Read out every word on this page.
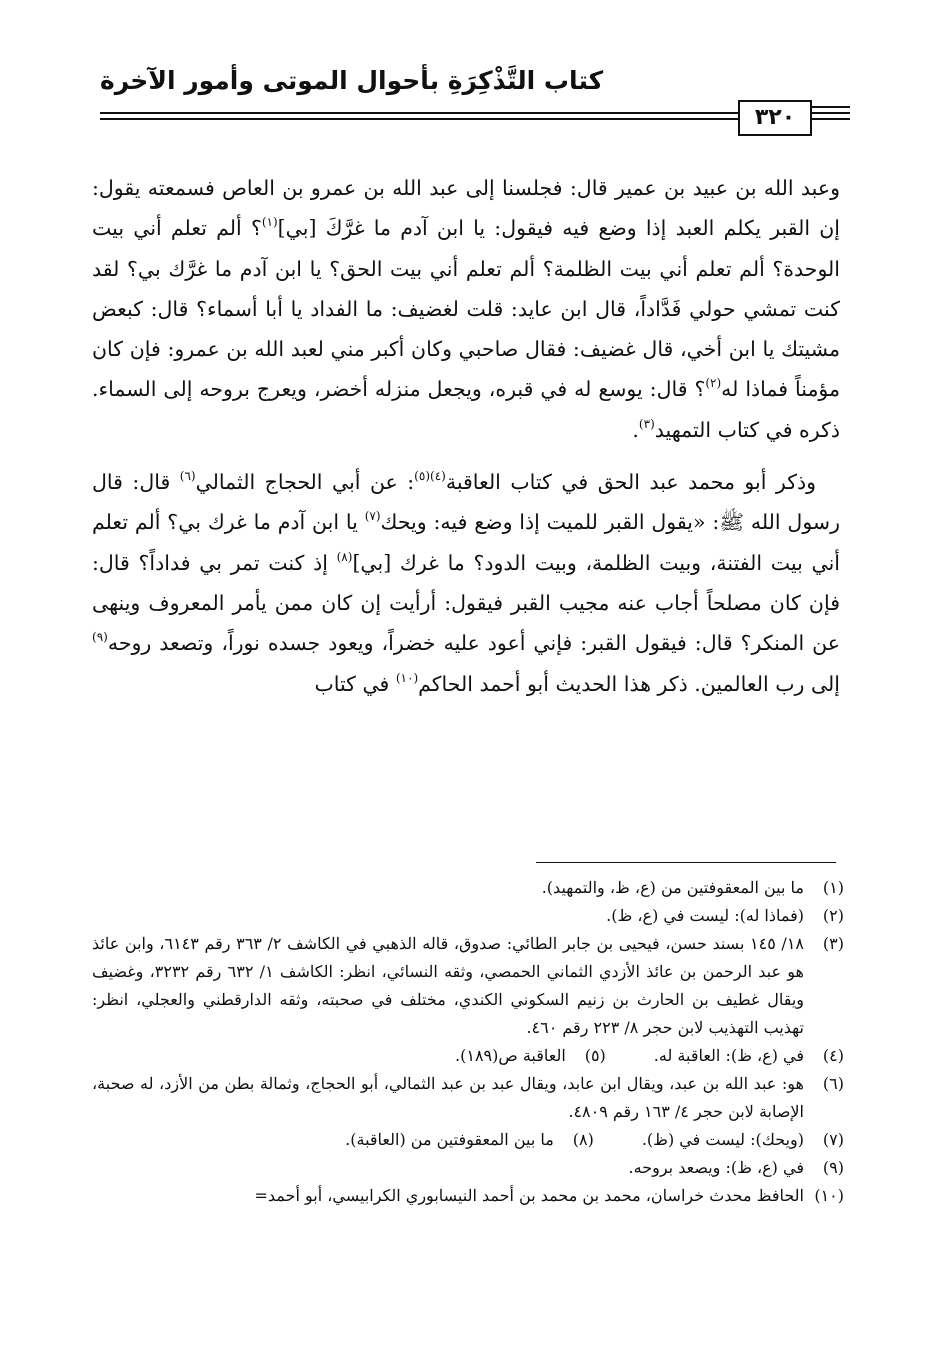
كتاب التَّذْكِرَةِ بأحوال الموتى وأمور الآخرة
٣٢٠

وعبد الله بن عبيد بن عمير قال: فجلسنا إلى عبد الله بن عمرو بن العاص فسمعته يقول: إن القبر يكلم العبد إذا وضع فيه فيقول: يا ابن آدم ما غرَّكَ [بي]$^{(١)}$؟ ألم تعلم أني بيت الوحدة؟ ألم تعلم أني بيت الظلمة؟ ألم تعلم أني بيت الحق؟ يا ابن آدم ما غرَّك بي؟ لقد كنت تمشي حولي فَدَّاداً، قال ابن عايد: قلت لغضيف: ما الفداد يا أبا أسماء؟ قال: كبعض مشيتك يا ابن أخي، قال غضيف: فقال صاحبي وكان أكبر مني لعبد الله بن عمرو: فإن كان مؤمناً فماذا له$^{(٢)}$؟ قال: يوسع له في قبره، ويجعل منزله أخضر، ويعرج بروحه إلى السماء. ذكره في كتاب التمهيد$^{(٣)}$.

وذكر أبو محمد عبد الحق في كتاب العاقبة$^{(٤)(٥)}$: عن أبي الحجاج الثمالي$^{(٦)}$ قال: قال رسول الله ﷺ: «يقول القبر للميت إذا وضع فيه: ويحك$^{(٧)}$ يا ابن آدم ما غرك بي؟ ألم تعلم أني بيت الفتنة، وبيت الظلمة، وبيت الدود؟ ما غرك [بي]$^{(٨)}$ إذ كنت تمر بي فداداً؟ قال: فإن كان مصلحاً أجاب عنه مجيب القبر فيقول: أرأيت إن كان ممن يأمر المعروف وينهى عن المنكر؟ قال: فيقول القبر: فإني أعود عليه خضراً، ويعود جسده نوراً، وتصعد روحه$^{(٩)}$ إلى رب العالمين. ذكر هذا الحديث أبو أحمد الحاكم$^{(١٠)}$ في كتاب

(١)
ما بين المعقوفتين من (ع، ظ، والتمهيد).
(٢)
(فماذا له): ليست في (ع، ظ).
(٣)
١٨/ ١٤٥ بسند حسن، فيحيى بن جابر الطائي: صدوق، قاله الذهبي في الكاشف ٢/ ٣٦٣ رقم ٦١٤٣، وابن عائذ هو عبد الرحمن بن عائذ الأزدي الثماني الحمصي، وثقه النسائي، انظر: الكاشف ١/ ٦٣٢ رقم ٣٢٣٢، وغضيف ويقال غطيف بن الحارث بن زنيم السكوني الكندي، مختلف في صحبته، وثقه الدارقطني والعجلي، انظر: تهذيب التهذيب لابن حجر ٨/ ٢٢٣ رقم ٤٦٠.
(٤)
في (ع، ظ): العاقبة له.
(٥)
العاقبة ص(١٨٩).
(٦)
هو: عبد الله بن عبد، ويقال ابن عابد، ويقال عبد بن عبد الثمالي، أبو الحجاج، وثمالة بطن من الأزد، له صحبة، الإصابة لابن حجر ٤/ ١٦٣ رقم ٤٨٠٩.
(٧)
(ويحك): ليست في (ظ).
(٨)
ما بين المعقوفتين من (العاقبة).
(٩)
في (ع، ظ): ويصعد بروحه.
(١٠)
الحافظ محدث خراسان، محمد بن محمد بن أحمد النيسابوري الكرابيسي، أبو أحمد=
